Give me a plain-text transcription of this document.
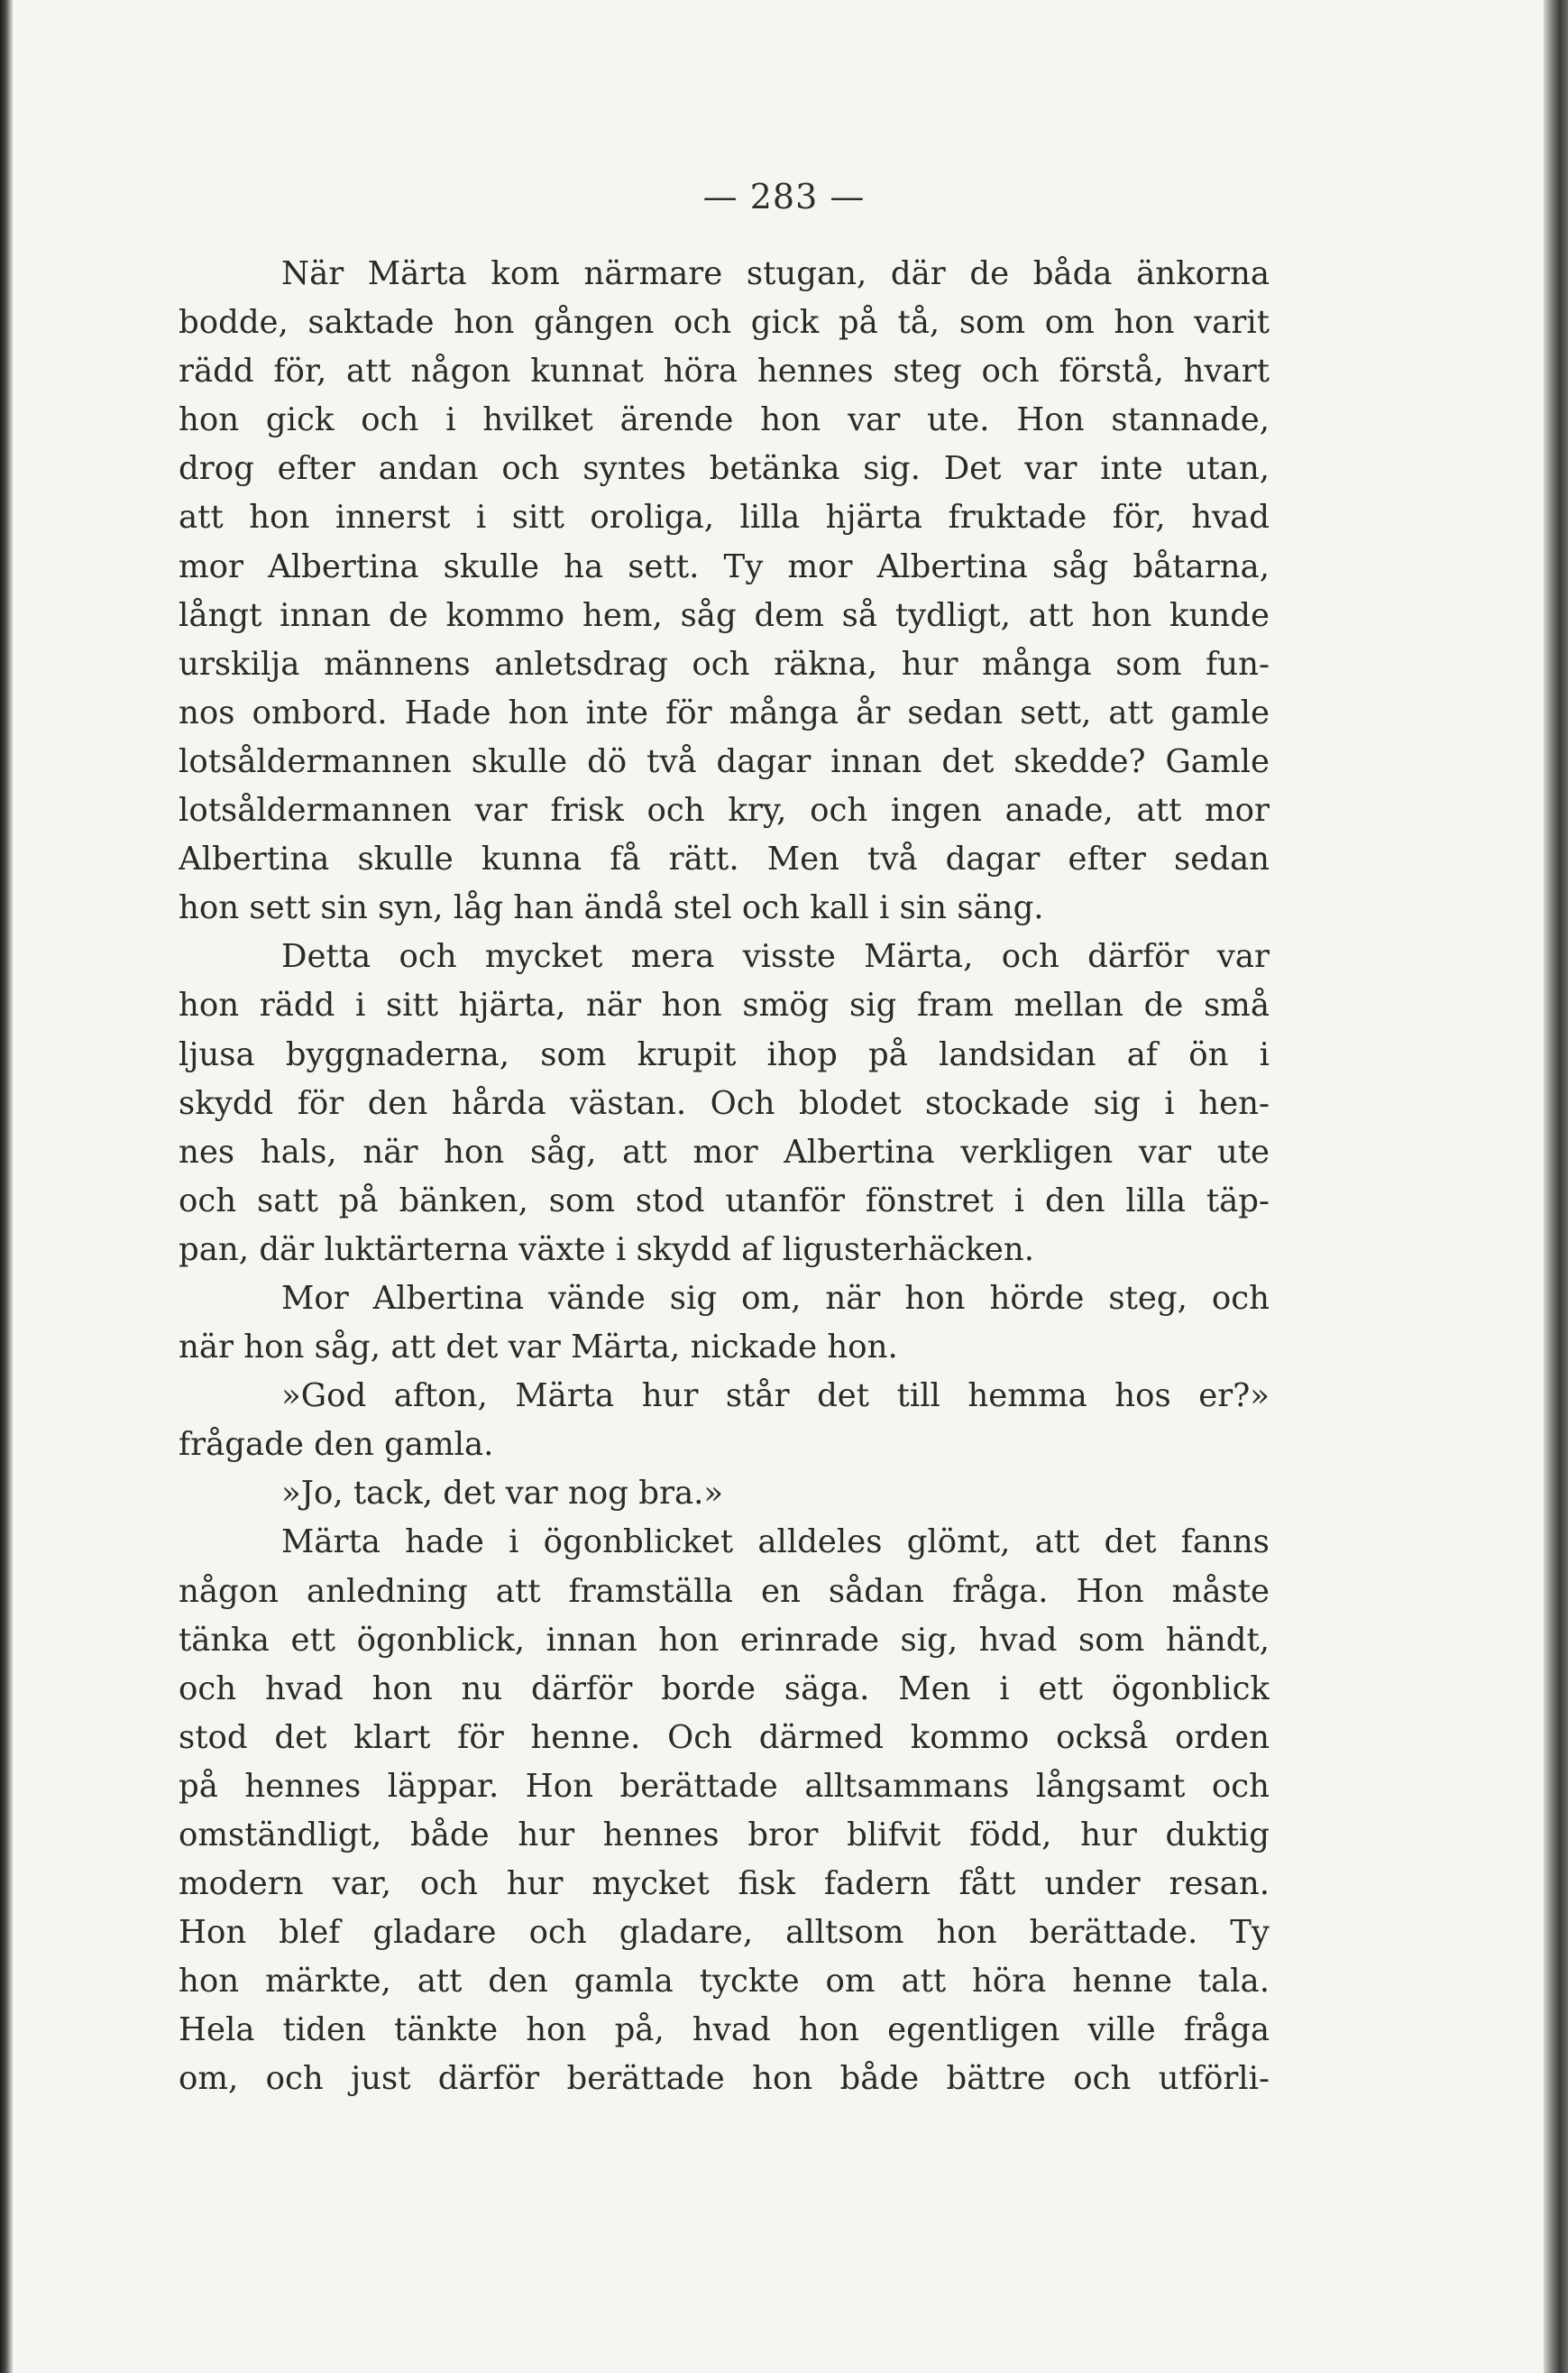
— 283 —
När Märta kom närmare stugan, där de båda änkorna
bodde, saktade hon gången och gick på tå, som om hon varit
rädd för, att någon kunnat höra hennes steg och förstå, hvart
hon gick och i hvilket ärende hon var ute. Hon stannade,
drog efter andan och syntes betänka sig. Det var inte utan,
att hon innerst i sitt oroliga, lilla hjärta fruktade för, hvad
mor Albertina skulle ha sett. Ty mor Albertina såg båtarna,
långt innan de kommo hem, såg dem så tydligt, att hon kunde
urskilja männens anletsdrag och räkna, hur många som fun-
nos ombord. Hade hon inte för många år sedan sett, att gamle
lotsåldermannen skulle dö två dagar innan det skedde? Gamle
lotsåldermannen var frisk och kry, och ingen anade, att mor
Albertina skulle kunna få rätt. Men två dagar efter sedan
hon sett sin syn, låg han ändå stel och kall i sin säng.
Detta och mycket mera visste Märta, och därför var
hon rädd i sitt hjärta, när hon smög sig fram mellan de små
ljusa byggnaderna, som krupit ihop på landsidan af ön i
skydd för den hårda västan. Och blodet stockade sig i hen-
nes hals, när hon såg, att mor Albertina verkligen var ute
och satt på bänken, som stod utanför fönstret i den lilla täp-
pan, där luktärterna växte i skydd af ligusterhäcken.
Mor Albertina vände sig om, när hon hörde steg, och
när hon såg, att det var Märta, nickade hon.
»God afton, Märta hur står det till hemma hos er?»
frågade den gamla.
»Jo, tack, det var nog bra.»
Märta hade i ögonblicket alldeles glömt, att det fanns
någon anledning att framställa en sådan fråga. Hon måste
tänka ett ögonblick, innan hon erinrade sig, hvad som händt,
och hvad hon nu därför borde säga. Men i ett ögonblick
stod det klart för henne. Och därmed kommo också orden
på hennes läppar. Hon berättade alltsammans långsamt och
omständligt, både hur hennes bror blifvit född, hur duktig
modern var, och hur mycket fisk fadern fått under resan.
Hon blef gladare och gladare, alltsom hon berättade. Ty
hon märkte, att den gamla tyckte om att höra henne tala.
Hela tiden tänkte hon på, hvad hon egentligen ville fråga
om, och just därför berättade hon både bättre och utförli-
